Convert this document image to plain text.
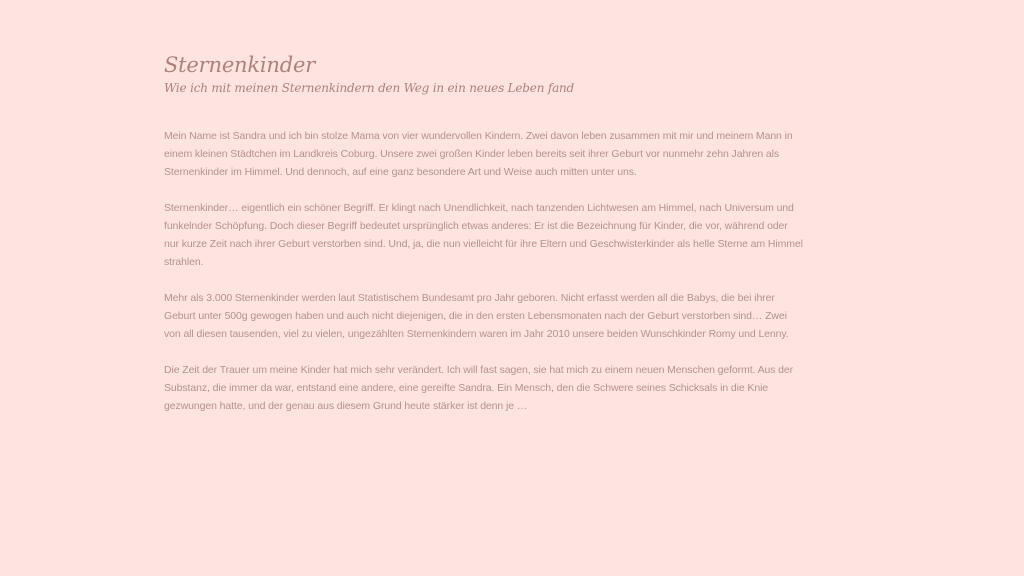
Sternenkinder
Wie ich mit meinen Sternenkindern den Weg in ein neues Leben fand

Mein Name ist Sandra und ich bin stolze Mama von vier wundervollen Kindern. Zwei davon leben zusammen mit mir und meinem Mann in einem kleinen Städtchen im Landkreis Coburg. Unsere zwei großen Kinder leben bereits seit ihrer Geburt vor nunmehr zehn Jahren als Sternenkinder im Himmel. Und dennoch, auf eine ganz besondere Art und Weise auch mitten unter uns.

Sternenkinder… eigentlich ein schöner Begriff. Er klingt nach Unendlichkeit, nach tanzenden Lichtwesen am Himmel, nach Universum und funkelnder Schöpfung. Doch dieser Begriff bedeutet ursprünglich etwas anderes: Er ist die Bezeichnung für Kinder, die vor, während oder nur kurze Zeit nach ihrer Geburt verstorben sind. Und, ja, die nun vielleicht für ihre Eltern und Geschwisterkinder als helle Sterne am Himmel strahlen.

Mehr als 3.000 Sternenkinder werden laut Statistischem Bundesamt pro Jahr geboren. Nicht erfasst werden all die Babys, die bei ihrer Geburt unter 500g gewogen haben und auch nicht diejenigen, die in den ersten Lebensmonaten nach der Geburt verstorben sind… Zwei von all diesen tausenden, viel zu vielen, ungezählten Sternenkindern waren im Jahr 2010 unsere beiden Wunschkinder Romy und Lenny.

Die Zeit der Trauer um meine Kinder hat mich sehr verändert. Ich will fast sagen, sie hat mich zu einem neuen Menschen geformt. Aus der Substanz, die immer da war, entstand eine andere, eine gereifte Sandra. Ein Mensch, den die Schwere seines Schicksals in die Knie gezwungen hatte, und der genau aus diesem Grund heute stärker ist denn je …
